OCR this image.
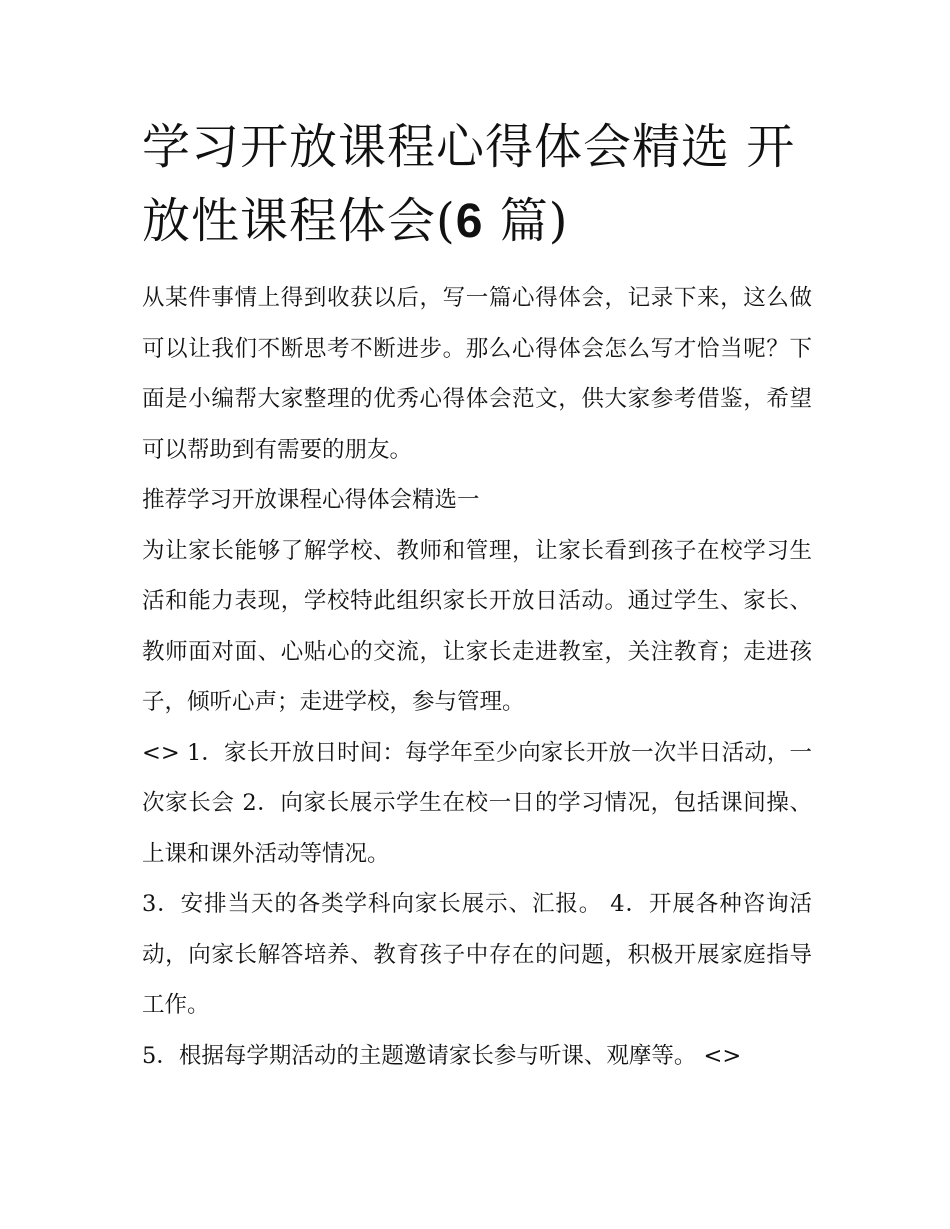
学习开放课程心得体会精选 开放性课程体会(6 篇)

从某件事情上得到收获以后，写一篇心得体会，记录下来，这么做可以让我们不断思考不断进步。那么心得体会怎么写才恰当呢？下面是小编帮大家整理的优秀心得体会范文，供大家参考借鉴，希望可以帮助到有需要的朋友。

推荐学习开放课程心得体会精选一

为让家长能够了解学校、教师和管理，让家长看到孩子在校学习生活和能力表现，学校特此组织家长开放日活动。通过学生、家长、教师面对面、心贴心的交流，让家长走进教室，关注教育；走进孩子，倾听心声；走进学校，参与管理。

<> 1．家长开放日时间：每学年至少向家长开放一次半日活动，一次家长会 2．向家长展示学生在校一日的学习情况，包括课间操、上课和课外活动等情况。

3．安排当天的各类学科向家长展示、汇报。 4．开展各种咨询活动，向家长解答培养、教育孩子中存在的问题，积极开展家庭指导工作。

5．根据每学期活动的主题邀请家长参与听课、观摩等。 <>
